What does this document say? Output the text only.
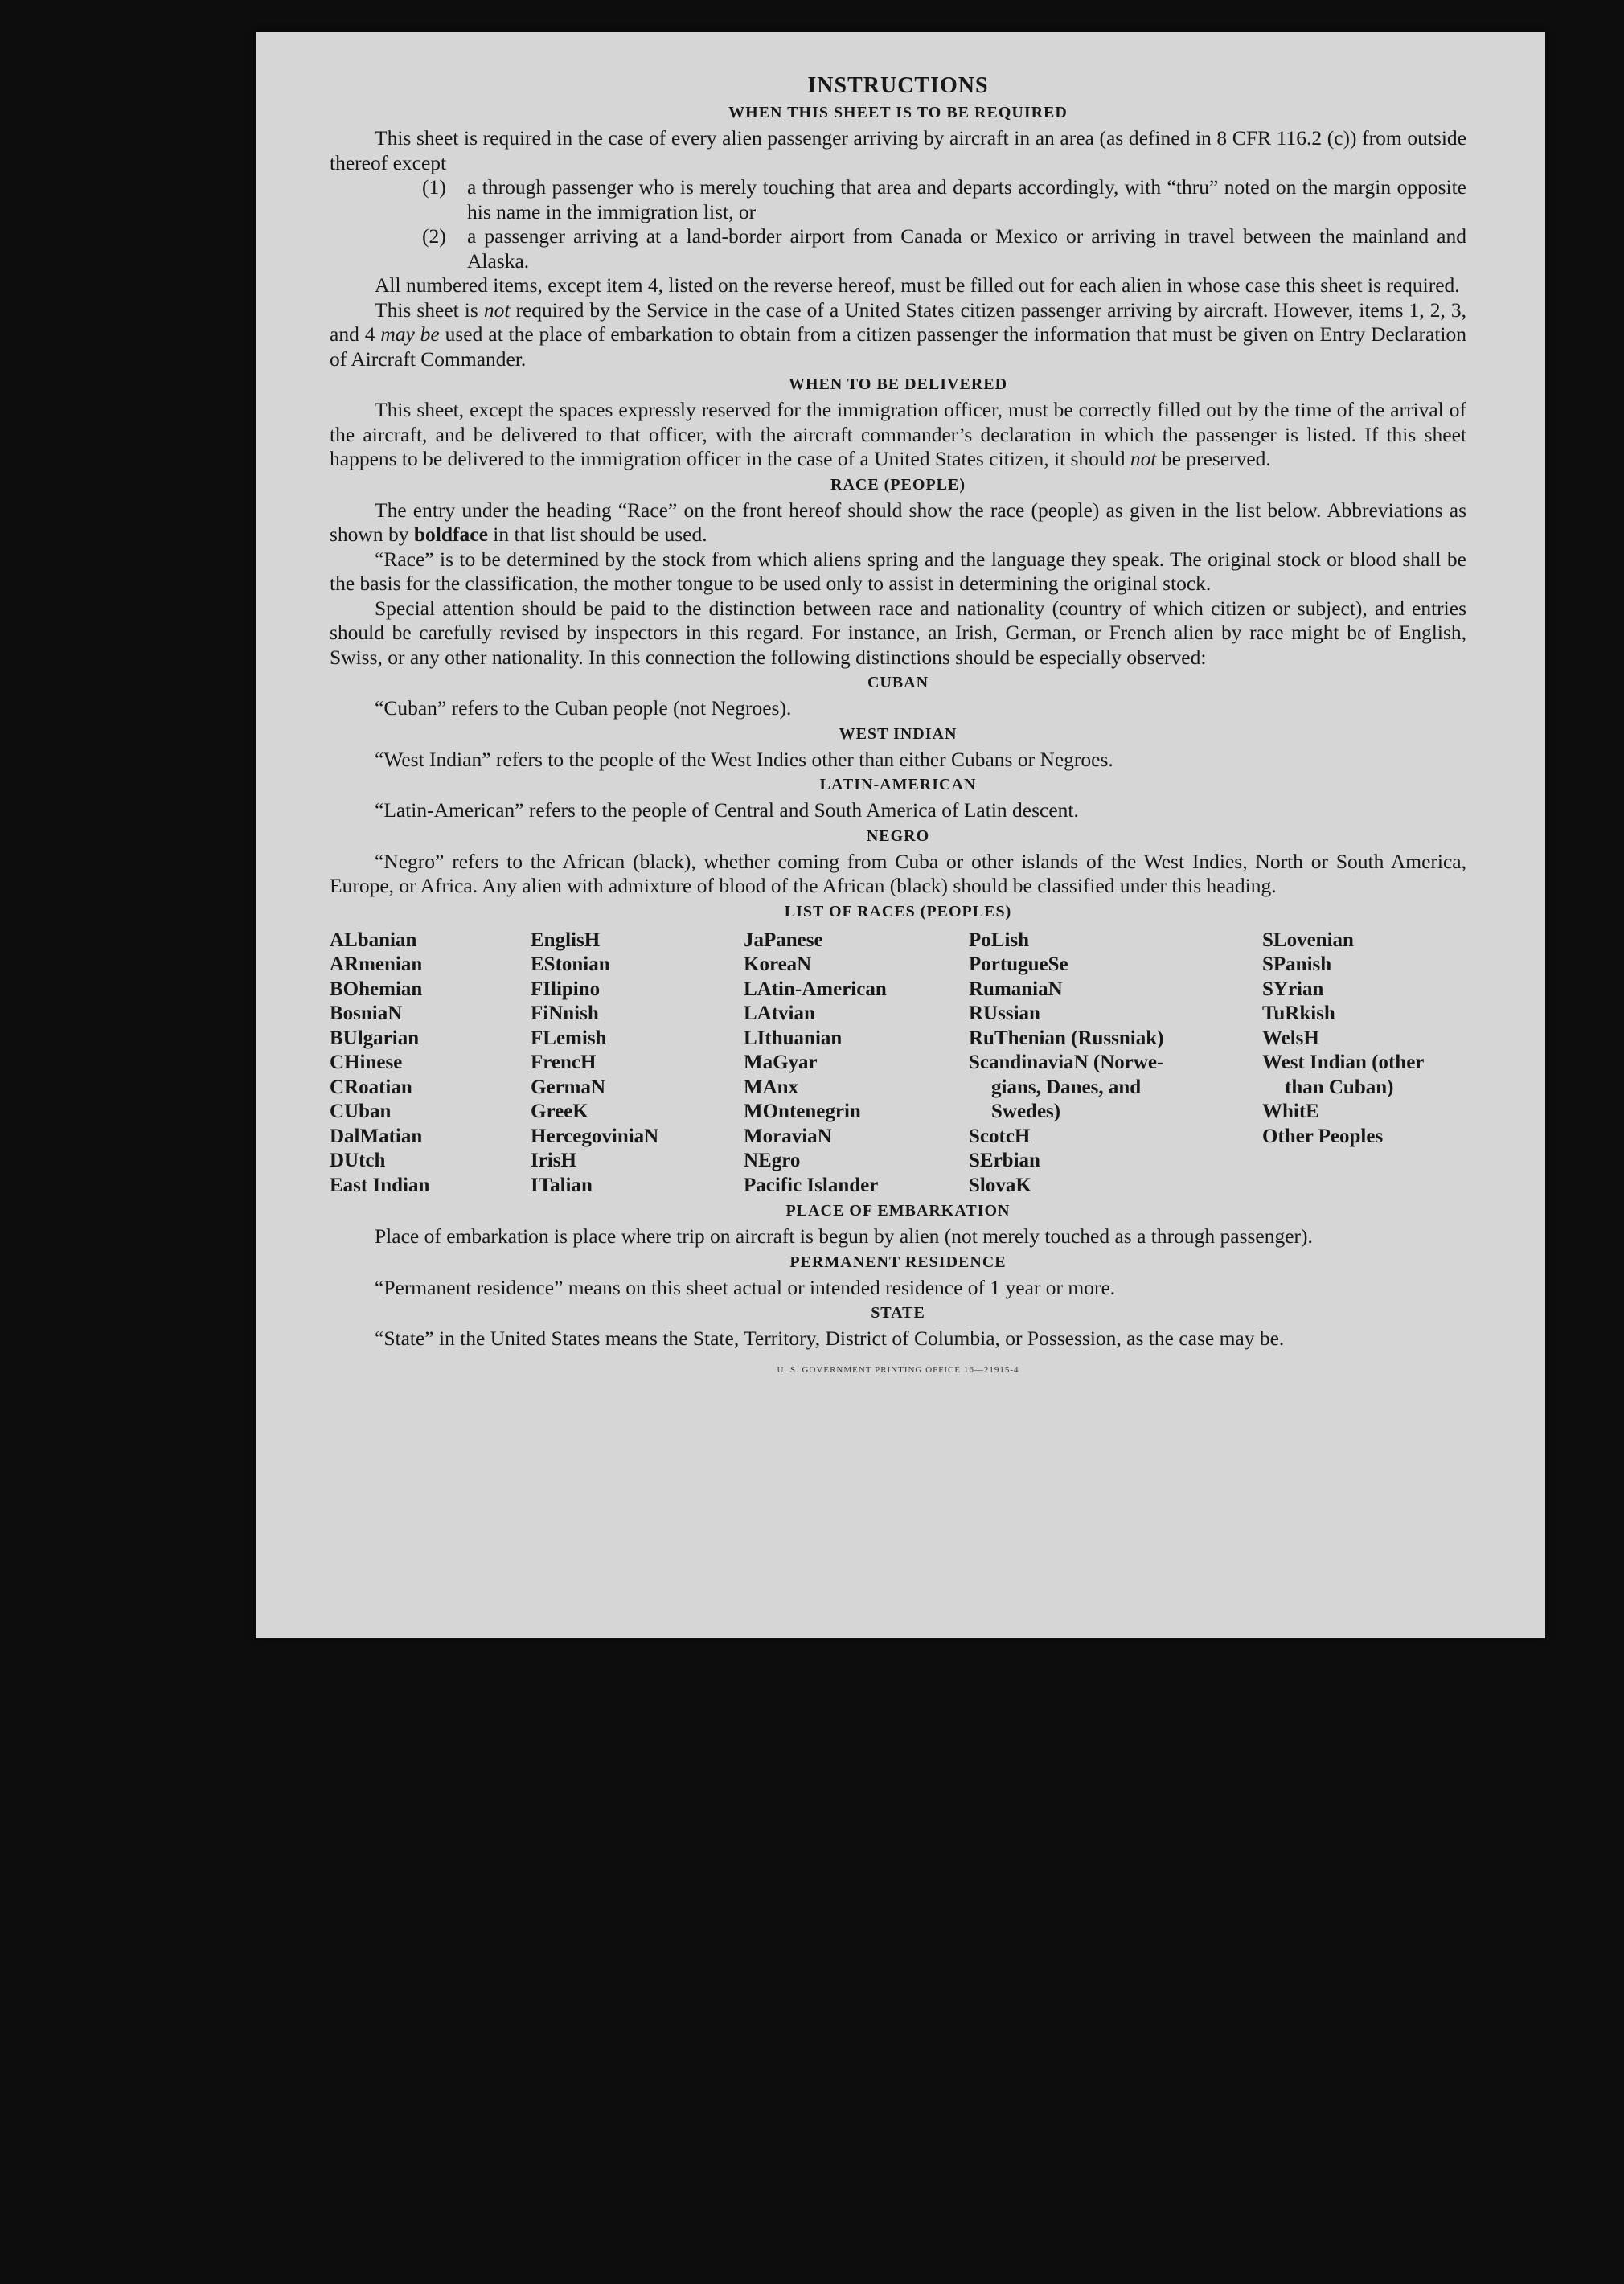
INSTRUCTIONS
WHEN THIS SHEET IS TO BE REQUIRED

This sheet is required in the case of every alien passenger arriving by aircraft in an area (as defined in 8 CFR 116.2 (c)) from outside thereof except

(1)	a through passenger who is merely touching that area and departs accordingly, with “thru” noted on the margin opposite his name in the immigration list, or
(2)	a passenger arriving at a land-border airport from Canada or Mexico or arriving in travel between the mainland and Alaska.

All numbered items, except item 4, listed on the reverse hereof, must be filled out for each alien in whose case this sheet is required.

This sheet is not required by the Service in the case of a United States citizen passenger arriving by aircraft. However, items 1, 2, 3, and 4 may be used at the place of embarkation to obtain from a citizen passenger the information that must be given on Entry Declaration of Aircraft Commander.

WHEN TO BE DELIVERED

This sheet, except the spaces expressly reserved for the immigration officer, must be correctly filled out by the time of the arrival of the aircraft, and be delivered to that officer, with the aircraft commander’s declaration in which the passenger is listed. If this sheet happens to be delivered to the immigration officer in the case of a United States citizen, it should not be preserved.

RACE (PEOPLE)

The entry under the heading “Race” on the front hereof should show the race (people) as given in the list below. Abbreviations as shown by boldface in that list should be used.

“Race” is to be determined by the stock from which aliens spring and the language they speak. The original stock or blood shall be the basis for the classification, the mother tongue to be used only to assist in determining the original stock.

Special attention should be paid to the distinction between race and nationality (country of which citizen or subject), and entries should be carefully revised by inspectors in this regard. For instance, an Irish, German, or French alien by race might be of English, Swiss, or any other nationality. In this connection the following distinctions should be especially observed:

CUBAN

“Cuban” refers to the Cuban people (not Negroes).

WEST INDIAN

“West Indian” refers to the people of the West Indies other than either Cubans or Negroes.

LATIN-AMERICAN

“Latin-American” refers to the people of Central and South America of Latin descent.

NEGRO

“Negro” refers to the African (black), whether coming from Cuba or other islands of the West Indies, North or South America, Europe, or Africa. Any alien with admixture of blood of the African (black) should be classified under this heading.

LIST OF RACES (PEOPLES)
ALbanian
ARmenian
BOhemian
BosniaN
BUlgarian
CHinese
CRoatian
CUban
DalMatian
DUtch
East Indian
EnglisH
EStonian
FIlipino
FiNnish
FLemish
FrencH
GermaN
GreeK
HercegoviniaN
IrisH
ITalian
JaPanese
KoreaN
LAtin-American
LAtvian
LIthuanian
MaGyar
MAnx
MOntenegrin
MoraviaN
NEgro
Pacific Islander
PoLish
PortugueSe
RumaniaN
RUssian
RuThenian (Russniak)
ScandinaviaN (Norwe-
gians, Danes, and
Swedes)
ScotcH
SErbian
SlovaK
SLovenian
SPanish
SYrian
TuRkish
WelsH
West Indian (other
than Cuban)
WhitE
Other Peoples
PLACE OF EMBARKATION

Place of embarkation is place where trip on aircraft is begun by alien (not merely touched as a through passenger).

PERMANENT RESIDENCE

“Permanent residence” means on this sheet actual or intended residence of 1 year or more.

STATE

“State” in the United States means the State, Territory, District of Columbia, or Possession, as the case may be.

U. S. GOVERNMENT PRINTING OFFICE 16—21915-4
